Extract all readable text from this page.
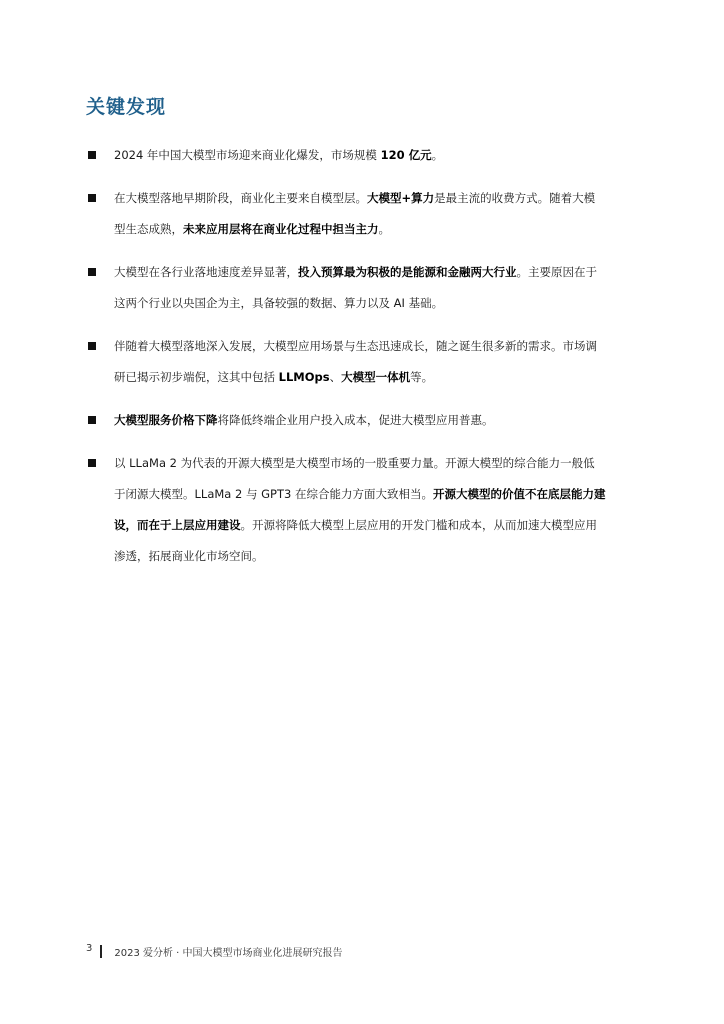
关键发现
2024 年中国大模型市场迎来商业化爆发，市场规模 120 亿元。
在大模型落地早期阶段，商业化主要来自模型层。大模型+算力是最主流的收费方式。随着大模
型生态成熟，未来应用层将在商业化过程中担当主力。
大模型在各行业落地速度差异显著，投入预算最为积极的是能源和金融两大行业。主要原因在于
这两个行业以央国企为主，具备较强的数据、算力以及 AI 基础。
伴随着大模型落地深入发展，大模型应用场景与生态迅速成长，随之诞生很多新的需求。市场调
研已揭示初步端倪，这其中包括 LLMOps、大模型一体机等。
大模型服务价格下降将降低终端企业用户投入成本，促进大模型应用普惠。
以 LLaMa 2 为代表的开源大模型是大模型市场的一股重要力量。开源大模型的综合能力一般低
于闭源大模型。LLaMa 2 与 GPT3 在综合能力方面大致相当。开源大模型的价值不在底层能力建
设，而在于上层应用建设。开源将降低大模型上层应用的开发门槛和成本，从而加速大模型应用
渗透，拓展商业化市场空间。
3 2023 爱分析 · 中国大模型市场商业化进展研究报告
